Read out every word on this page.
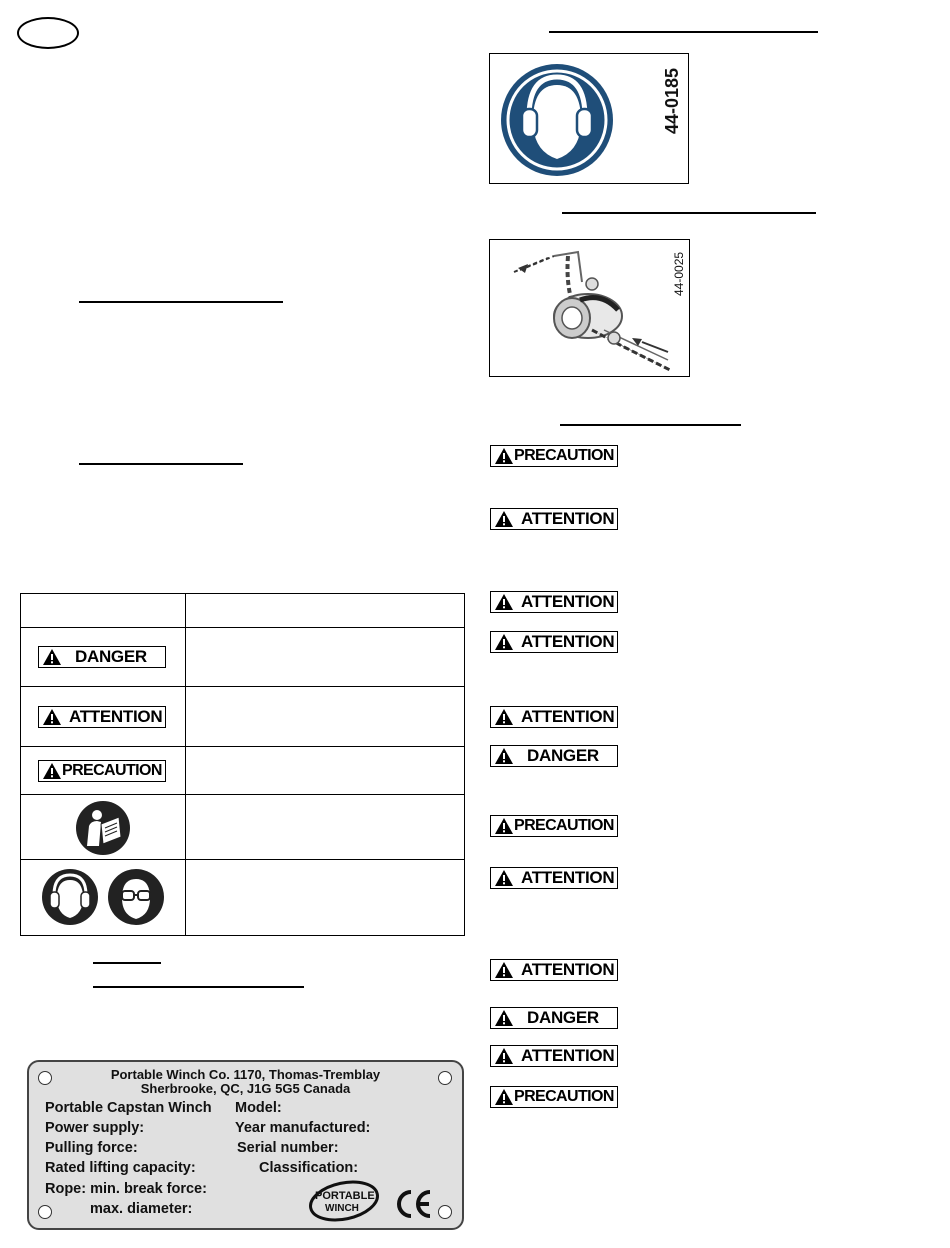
DANGER
ATTENTION
PRECAUTION
Portable Winch Co. 1170, Thomas-Tremblay
Sherbrooke, QC, J1G 5G5 Canada
Portable Capstan Winch Model:
Power supply:	Year manufactured:
Pulling force:	Serial number:
Rated lifting capacity:	Classification:
Rope: min. break force:
max. diameter:
PORTABLE
WINCH
44-0185
44-0025
PRECAUTION
ATTENTION
ATTENTION
ATTENTION
ATTENTION
DANGER
PRECAUTION
ATTENTION
ATTENTION
DANGER
ATTENTION
PRECAUTION
